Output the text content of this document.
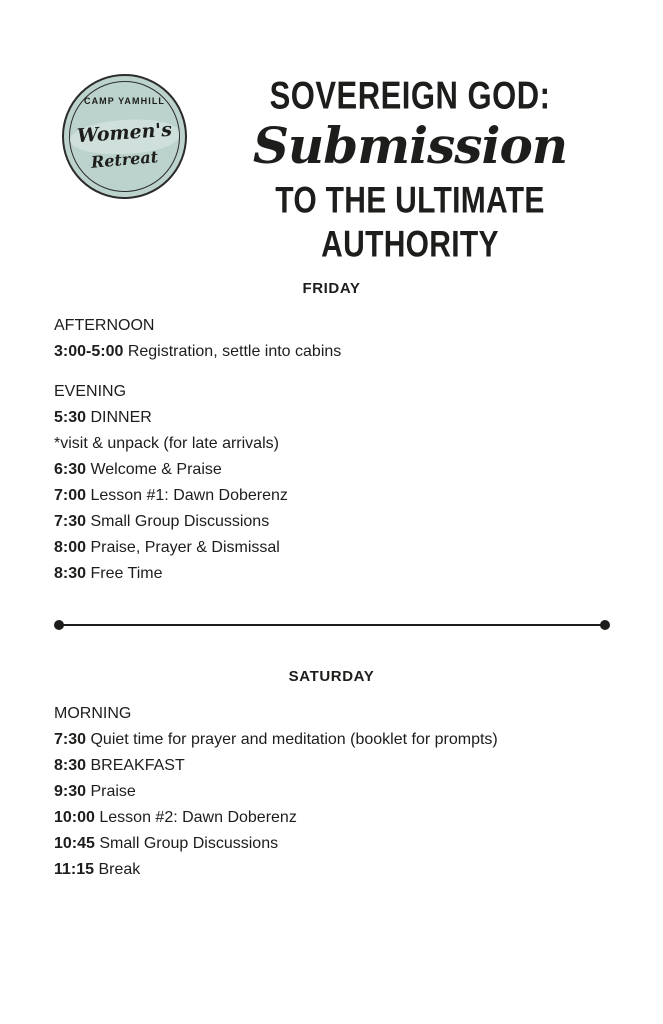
CAMP YAMHILL
Women's
Retreat
SOVEREIGN GOD:
Submission
TO THE ULTIMATE
AUTHORITY
FRIDAY
AFTERNOON
3:00-5:00 Registration, settle into cabins
EVENING
5:30 DINNER
*visit & unpack (for late arrivals)
6:30 Welcome & Praise
7:00 Lesson #1: Dawn Doberenz
7:30 Small Group Discussions
8:00 Praise, Prayer & Dismissal
8:30 Free Time
SATURDAY
MORNING
7:30 Quiet time for prayer and meditation (booklet for prompts)
8:30 BREAKFAST
9:30 Praise
10:00 Lesson #2: Dawn Doberenz
10:45 Small Group Discussions
11:15 Break
